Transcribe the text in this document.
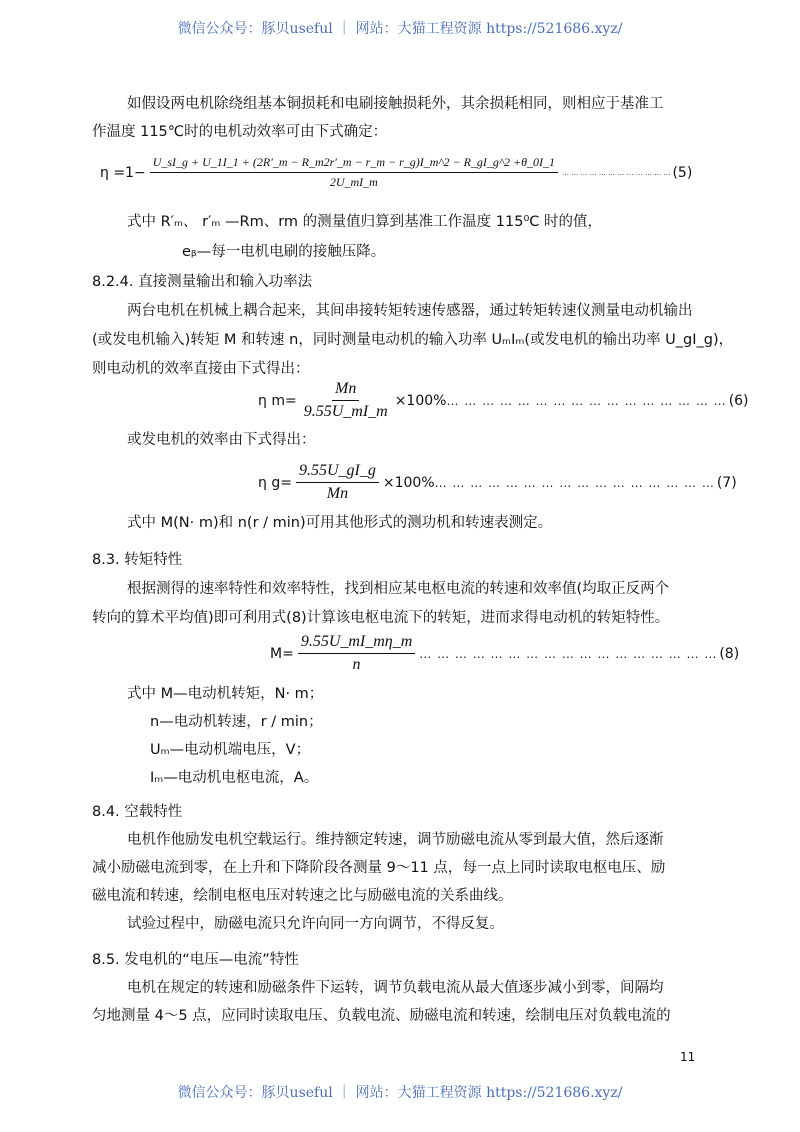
微信公众号：豚贝useful ｜ 网站：大猫工程资源 https://521686.xyz/
如假设两电机除绕组基本铜损耗和电刷接触损耗外，其余损耗相同，则相应于基准工
作温度 115℃时的电机动效率可由下式确定：
η =1−
U_sI_g + U_1I_1 + (2R′_m − R_m2r′_m − r_m − r_g)I_m^2 − R_gI_g^2 +θ_0I_1
2U_mI_m
… … … … … … … … … … … … (5)
式中 R′ₘ、 r′ₘ —Rm、rm 的测量值归算到基准工作温度 115⁰C 时的值，
eᵦ—每一电机电刷的接触压降。
8.2.4. 直接测量输出和输入功率法
两台电机在机械上耦合起来，其间串接转矩转速传感器，通过转矩转速仪测量电动机输出
(或发电机输入)转矩 M 和转速 n，同时测量电动机的输入功率 UₘIₘ(或发电机的输出功率 U_gI_g)，
则电动机的效率直接由下式得出：
η $m= \frac{Mn}{9.55U\_mI\_m} \times 100\%$ … … … … … … … … … … … … … … … … (6)
或发电机的效率由下式得出：
η $g= \frac{9.55U\_gI\_g}{Mn} \times 100\%$ … … … … … … … … … … … … … … … … (7)
式中 M(N· m)和 n(r / min)可用其他形式的测功机和转速表测定。
8.3. 转矩特性
根据测得的速率特性和效率特性，找到相应某电枢电流的转速和效率值(均取正反两个
转向的算术平均值)即可利用式(8)计算该电枢电流下的转矩，进而求得电动机的转矩特性。
$M= \frac{9.55U\_mI\_m\eta\_m}{n}$ … … … … … … … … … … … … … … … … … (8)
式中 M—电动机转矩，N· m；
n—电动机转速，r / min；
Uₘ—电动机端电压，V；
Iₘ—电动机电枢电流，A。
8.4. 空载特性
电机作他励发电机空载运行。维持额定转速，调节励磁电流从零到最大值，然后逐渐
减小励磁电流到零，在上升和下降阶段各测量 9～11 点，每一点上同时读取电枢电压、励
磁电流和转速，绘制电枢电压对转速之比与励磁电流的关系曲线。
试验过程中，励磁电流只允许向同一方向调节，不得反复。
8.5. 发电机的“电压—电流”特性
电机在规定的转速和励磁条件下运转，调节负载电流从最大值逐步减小到零，间隔均
匀地测量 4～5 点，应同时读取电压、负载电流、励磁电流和转速，绘制电压对负载电流的
11
微信公众号：豚贝useful ｜ 网站：大猫工程资源 https://521686.xyz/
